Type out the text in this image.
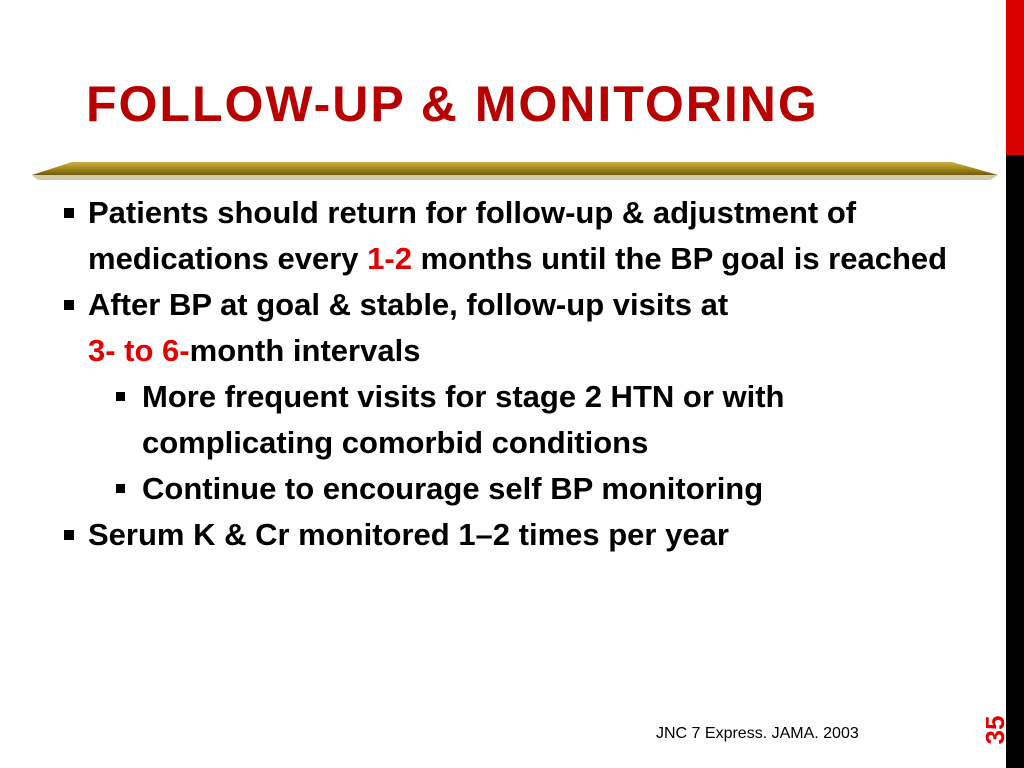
FOLLOW-UP & MONITORING

Patients should return for follow-up & adjustment of medications every 1-2 months until the BP goal is reached

After BP at goal & stable, follow-up visits at
3- to 6-month intervals

More frequent visits for stage 2 HTN or with complicating comorbid conditions

Continue to encourage self BP monitoring

Serum K & Cr monitored 1–2 times per year

JNC 7 Express. JAMA. 2003	35
